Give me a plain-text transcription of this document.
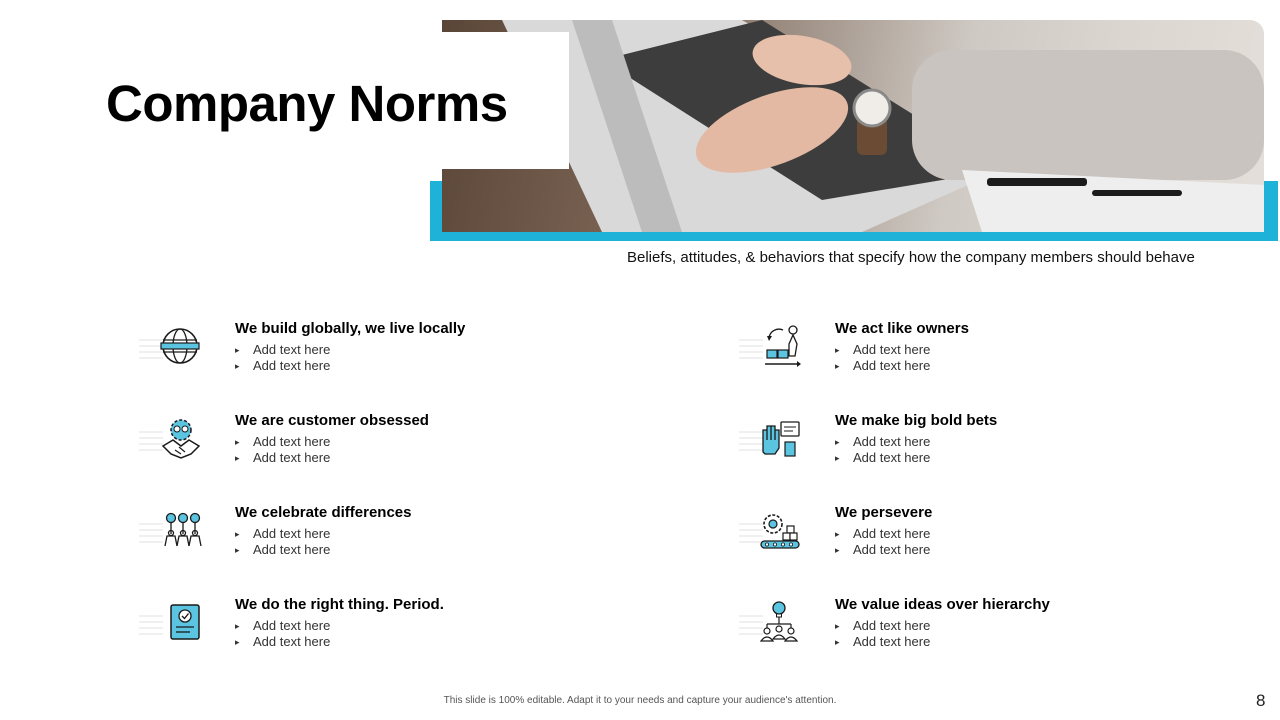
Company Norms
Beliefs, attitudes, & behaviors that specify how the company members should behave
We build globally, we live locally
▸ Add text here
▸ Add text here
We are customer obsessed
▸ Add text here
▸ Add text here
We celebrate differences
▸ Add text here
▸ Add text here
We do the right thing. Period.
▸ Add text here
▸ Add text here
We act like owners
▸ Add text here
▸ Add text here
We make big bold bets
▸ Add text here
▸ Add text here
We persevere
▸ Add text here
▸ Add text here
We value ideas over hierarchy
▸ Add text here
▸ Add text here
This slide is 100% editable. Adapt it to your needs and capture your audience's attention.	8
